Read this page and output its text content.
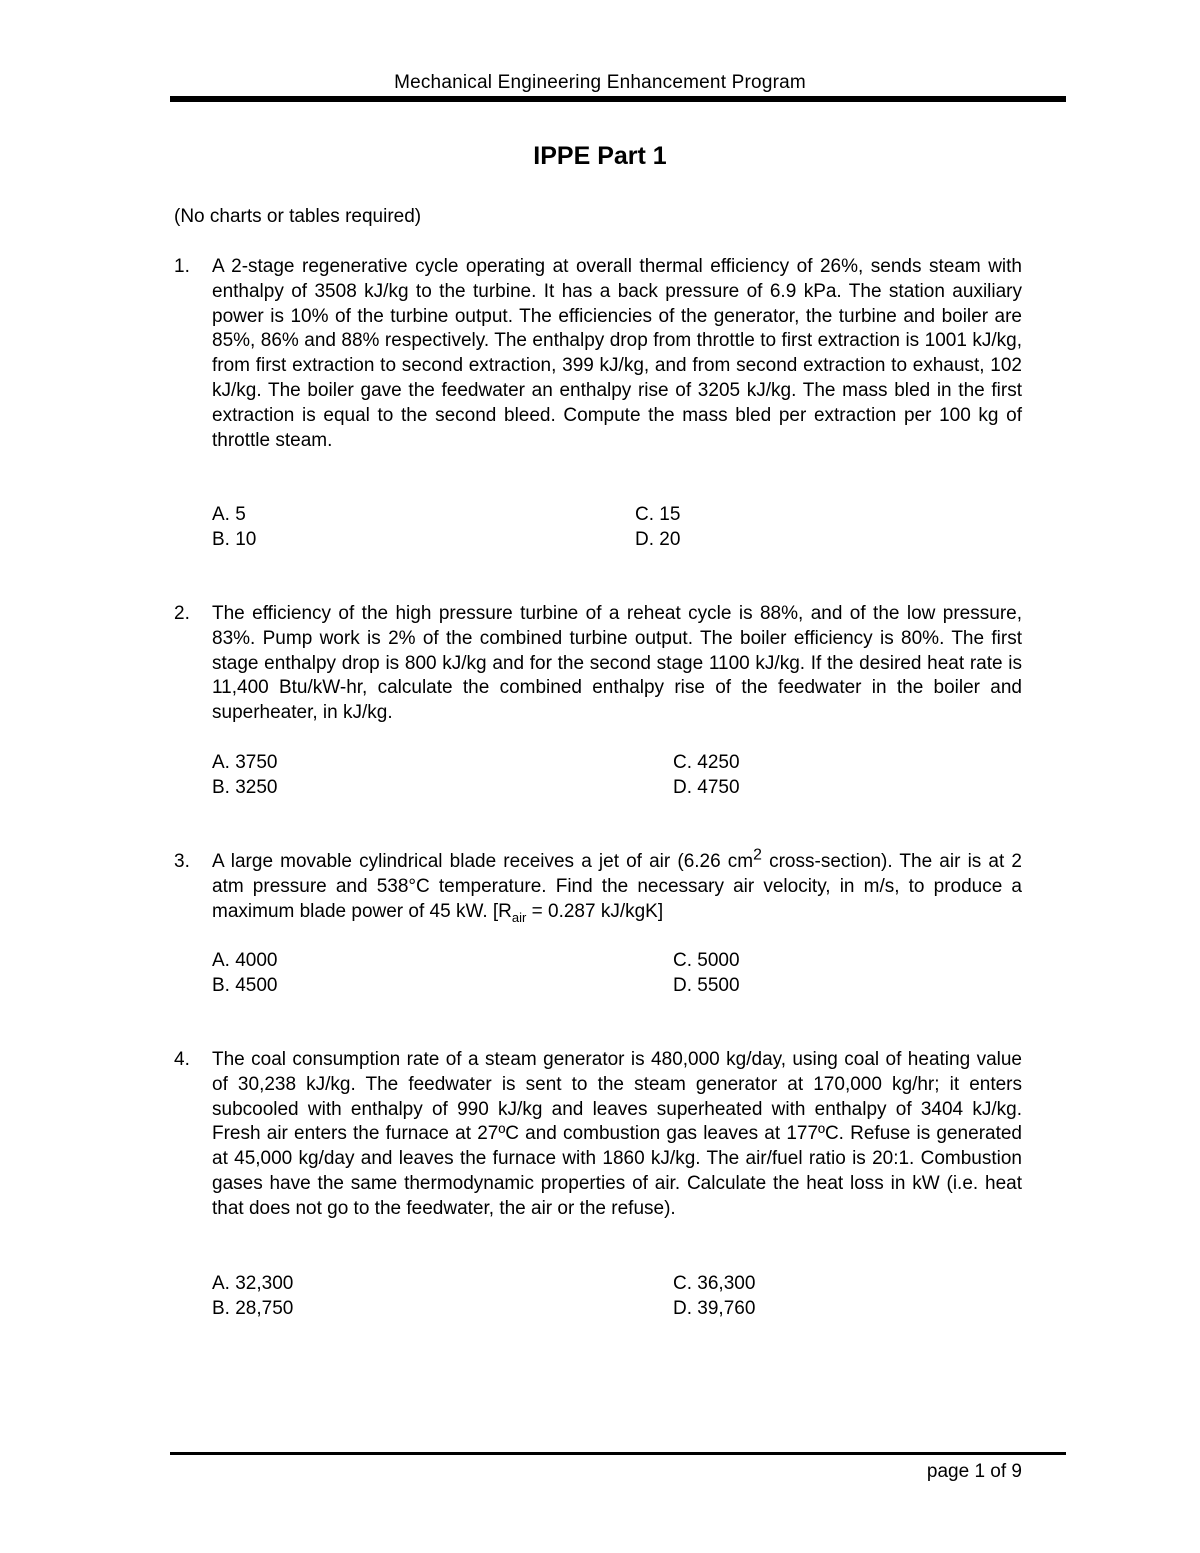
Mechanical Engineering Enhancement Program
IPPE Part 1
(No charts or tables required)
1. A 2-stage regenerative cycle operating at overall thermal efficiency of 26%, sends steam with enthalpy of 3508 kJ/kg to the turbine. It has a back pressure of 6.9 kPa. The station auxiliary power is 10% of the turbine output. The efficiencies of the generator, the turbine and boiler are 85%, 86% and 88% respectively. The enthalpy drop from throttle to first extraction is 1001 kJ/kg, from first extraction to second extraction, 399 kJ/kg, and from second extraction to exhaust, 102 kJ/kg. The boiler gave the feedwater an enthalpy rise of 3205 kJ/kg. The mass bled in the first extraction is equal to the second bleed. Compute the mass bled per extraction per 100 kg of throttle steam.

A. 5
B. 10
C. 15
D. 20
2. The efficiency of the high pressure turbine of a reheat cycle is 88%, and of the low pressure, 83%. Pump work is 2% of the combined turbine output. The boiler efficiency is 80%. The first stage enthalpy drop is 800 kJ/kg and for the second stage 1100 kJ/kg. If the desired heat rate is 11,400 Btu/kW-hr, calculate the combined enthalpy rise of the feedwater in the boiler and superheater, in kJ/kg.

A. 3750
B. 3250
C. 4250
D. 4750
3. A large movable cylindrical blade receives a jet of air (6.26 $cm^2$ cross-section). The air is at 2 atm pressure and 538°C temperature. Find the necessary air velocity, in m/s, to produce a maximum blade power of 45 kW. [$R_{air} = 0.287$ kJ/kgK]

A. 4000
B. 4500
C. 5000
D. 5500
4. The coal consumption rate of a steam generator is 480,000 kg/day, using coal of heating value of 30,238 kJ/kg. The feedwater is sent to the steam generator at 170,000 kg/hr; it enters subcooled with enthalpy of 990 kJ/kg and leaves superheated with enthalpy of 3404 kJ/kg. Fresh air enters the furnace at 27ºC and combustion gas leaves at 177ºC. Refuse is generated at 45,000 kg/day and leaves the furnace with 1860 kJ/kg. The air/fuel ratio is 20:1. Combustion gases have the same thermodynamic properties of air. Calculate the heat loss in kW (i.e. heat that does not go to the feedwater, the air or the refuse).

A. 32,300
B. 28,750
C. 36,300
D. 39,760
page 1 of 9
